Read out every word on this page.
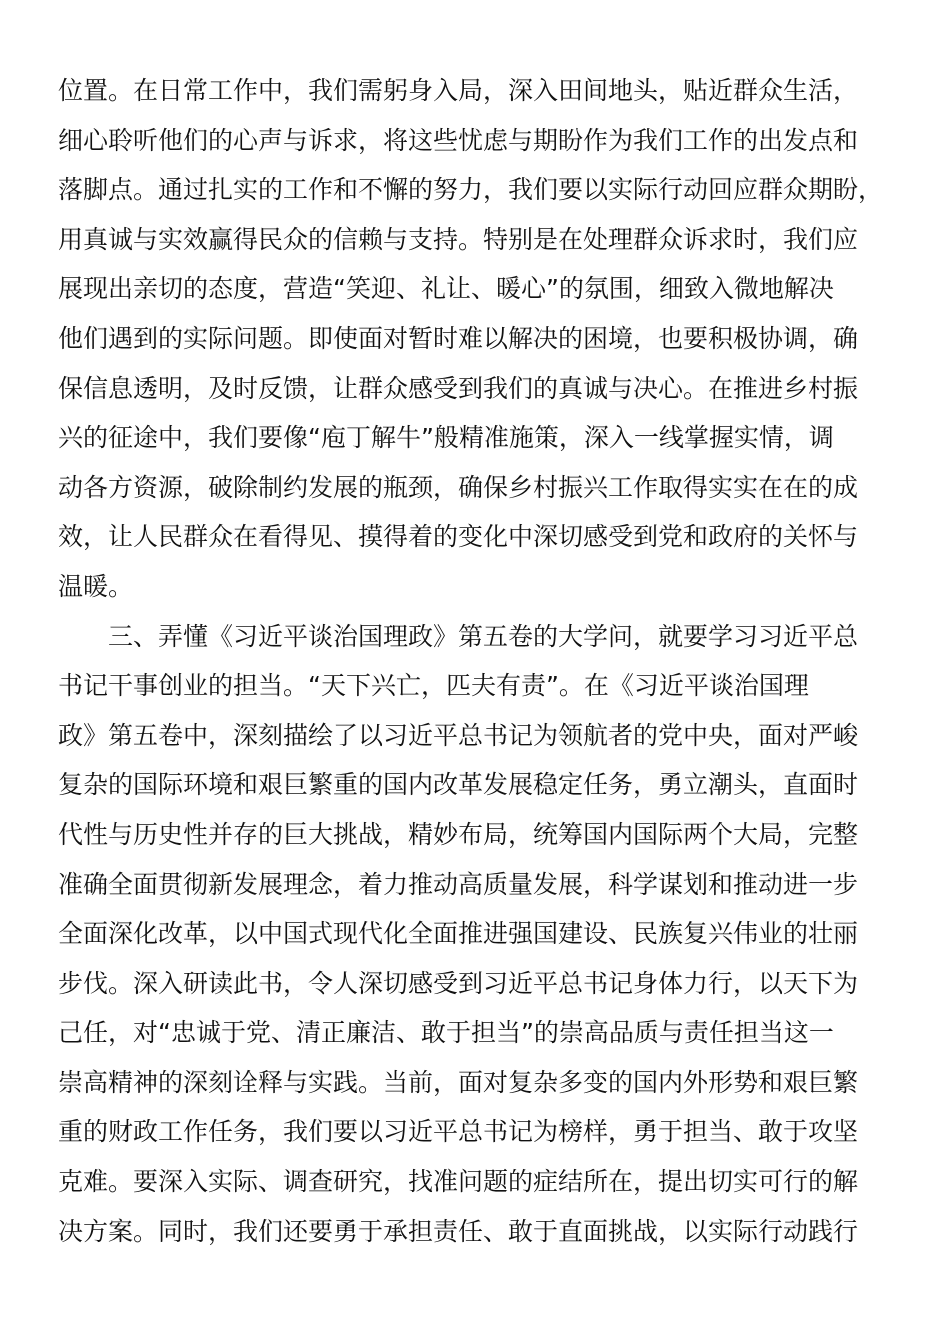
位置。在日常工作中，我们需躬身入局，深入田间地头，贴近群众生活，
细心聆听他们的心声与诉求，将这些忧虑与期盼作为我们工作的出发点和
落脚点。通过扎实的工作和不懈的努力，我们要以实际行动回应群众期盼，
用真诚与实效赢得民众的信赖与支持。特别是在处理群众诉求时，我们应
展现出亲切的态度，营造“笑迎、礼让、暖心”的氛围，细致入微地解决
他们遇到的实际问题。即使面对暂时难以解决的困境，也要积极协调，确
保信息透明，及时反馈，让群众感受到我们的真诚与决心。在推进乡村振
兴的征途中，我们要像“庖丁解牛”般精准施策，深入一线掌握实情，调
动各方资源，破除制约发展的瓶颈，确保乡村振兴工作取得实实在在的成
效，让人民群众在看得见、摸得着的变化中深切感受到党和政府的关怀与
温暖。
　　三、弄懂《习近平谈治国理政》第五卷的大学问，就要学习习近平总
书记干事创业的担当。“天下兴亡，匹夫有责”。在《习近平谈治国理
政》第五卷中，深刻描绘了以习近平总书记为领航者的党中央，面对严峻
复杂的国际环境和艰巨繁重的国内改革发展稳定任务，勇立潮头，直面时
代性与历史性并存的巨大挑战，精妙布局，统筹国内国际两个大局，完整
准确全面贯彻新发展理念，着力推动高质量发展，科学谋划和推动进一步
全面深化改革，以中国式现代化全面推进强国建设、民族复兴伟业的壮丽
步伐。深入研读此书，令人深切感受到习近平总书记身体力行，以天下为
己任，对“忠诚于党、清正廉洁、敢于担当”的崇高品质与责任担当这一
崇高精神的深刻诠释与实践。当前，面对复杂多变的国内外形势和艰巨繁
重的财政工作任务，我们要以习近平总书记为榜样，勇于担当、敢于攻坚
克难。要深入实际、调查研究，找准问题的症结所在，提出切实可行的解
决方案。同时，我们还要勇于承担责任、敢于直面挑战，以实际行动践行
